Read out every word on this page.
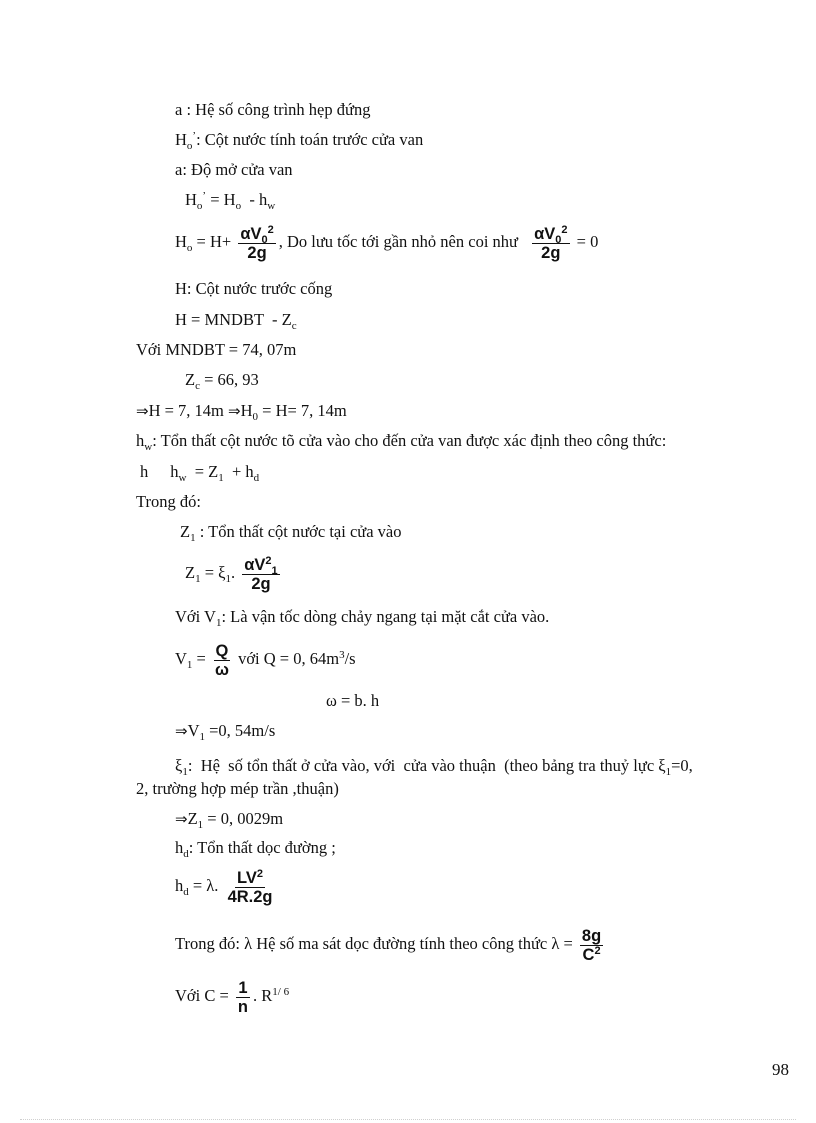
a : Hệ số công trình hẹp đứng
$H_o^’$: Cột nước tính toán trước cửa van
a: Độ mở cửa van
$H_o^’ = H_o - h_w$
$H_o = H+ \frac{\alpha V_0^2}{2g}$ , Do lưu tốc tới gần nhỏ nên coi như $\frac{\alpha V_0^2}{2g} = 0$
H: Cột nước trước cống
H = MNDBT  - $Z_c$
Với MNDBT = 74, 07m
$Z_c = 66$, 93
⇒H = 7, 14m $\Rightarrow H_0 = H= 7$, 14m
$h_w$: Tổn thất cột nước tõ cửa vào cho đến cửa van được xác định theo công thức:
h $h_w = Z_1 + h_d$
Trong đó:
$Z_1$ : Tổn thất cột nước tại cửa vào
$Z_1 = \xi_1$. $\frac{\alpha V^2_1}{2g}$
Với $V_1$: Là vận tốc dòng chảy ngang tại mặt cắt cửa vào.
$V_1 = \frac{Q}{\omega}$ với Q = 0, $64m^3/s$
ω = b. h
$\Rightarrow V_1 =0$, 54m/s
$\xi_1$:  Hệ  số tổn thất ở cửa vào, với  cửa vào thuận  (theo bảng tra thuỷ lực $\xi_1=0$,
2, trường hợp mép trần ,thuận)
$\Rightarrow Z_1 = 0$, 0029m
$h_d$: Tổn thất dọc đường ;
$h_d = \lambda$. $\frac{LV^2}{4R.2g}$
Trong đó: λ Hệ số ma sát dọc đường tính theo công thức $\lambda = \frac{8g}{C^2}$
Với $C = \frac{1}{n}$ . $R^{1/ 6}$
98
